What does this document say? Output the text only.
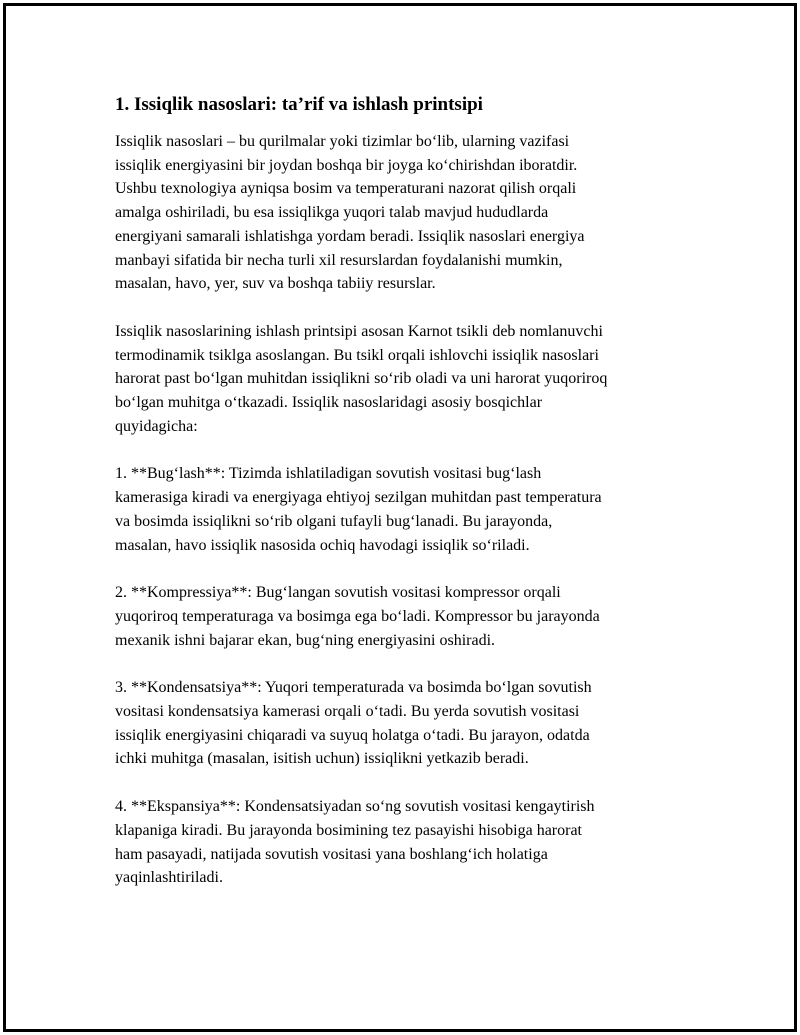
1. Issiqlik nasoslari: ta’rif va ishlash printsipi

Issiqlik nasoslari – bu qurilmalar yoki tizimlar bo‘lib, ularning vazifasi
issiqlik energiyasini bir joydan boshqa bir joyga ko‘chirishdan iboratdir.
Ushbu texnologiya ayniqsa bosim va temperaturani nazorat qilish orqali
amalga oshiriladi, bu esa issiqlikga yuqori talab mavjud hududlarda
energiyani samarali ishlatishga yordam beradi. Issiqlik nasoslari energiya
manbayi sifatida bir necha turli xil resurslardan foydalanishi mumkin,
masalan, havo, yer, suv va boshqa tabiiy resurslar.

Issiqlik nasoslarining ishlash printsipi asosan Karnot tsikli deb nomlanuvchi
termodinamik tsiklga asoslangan. Bu tsikl orqali ishlovchi issiqlik nasoslari
harorat past bo‘lgan muhitdan issiqlikni so‘rib oladi va uni harorat yuqoriroq
bo‘lgan muhitga o‘tkazadi. Issiqlik nasoslaridagi asosiy bosqichlar
quyidagicha:

1. **Bug‘lash**: Tizimda ishlatiladigan sovutish vositasi bug‘lash
kamerasiga kiradi va energiyaga ehtiyoj sezilgan muhitdan past temperatura
va bosimda issiqlikni so‘rib olgani tufayli bug‘lanadi. Bu jarayonda,
masalan, havo issiqlik nasosida ochiq havodagi issiqlik so‘riladi.

2. **Kompressiya**: Bug‘langan sovutish vositasi kompressor orqali
yuqoriroq temperaturaga va bosimga ega bo‘ladi. Kompressor bu jarayonda
mexanik ishni bajarar ekan, bug‘ning energiyasini oshiradi.

3. **Kondensatsiya**: Yuqori temperaturada va bosimda bo‘lgan sovutish
vositasi kondensatsiya kamerasi orqali o‘tadi. Bu yerda sovutish vositasi
issiqlik energiyasini chiqaradi va suyuq holatga o‘tadi. Bu jarayon, odatda
ichki muhitga (masalan, isitish uchun) issiqlikni yetkazib beradi.

4. **Ekspansiya**: Kondensatsiyadan so‘ng sovutish vositasi kengaytirish
klapaniga kiradi. Bu jarayonda bosimining tez pasayishi hisobiga harorat
ham pasayadi, natijada sovutish vositasi yana boshlang‘ich holatiga
yaqinlashtiriladi.
